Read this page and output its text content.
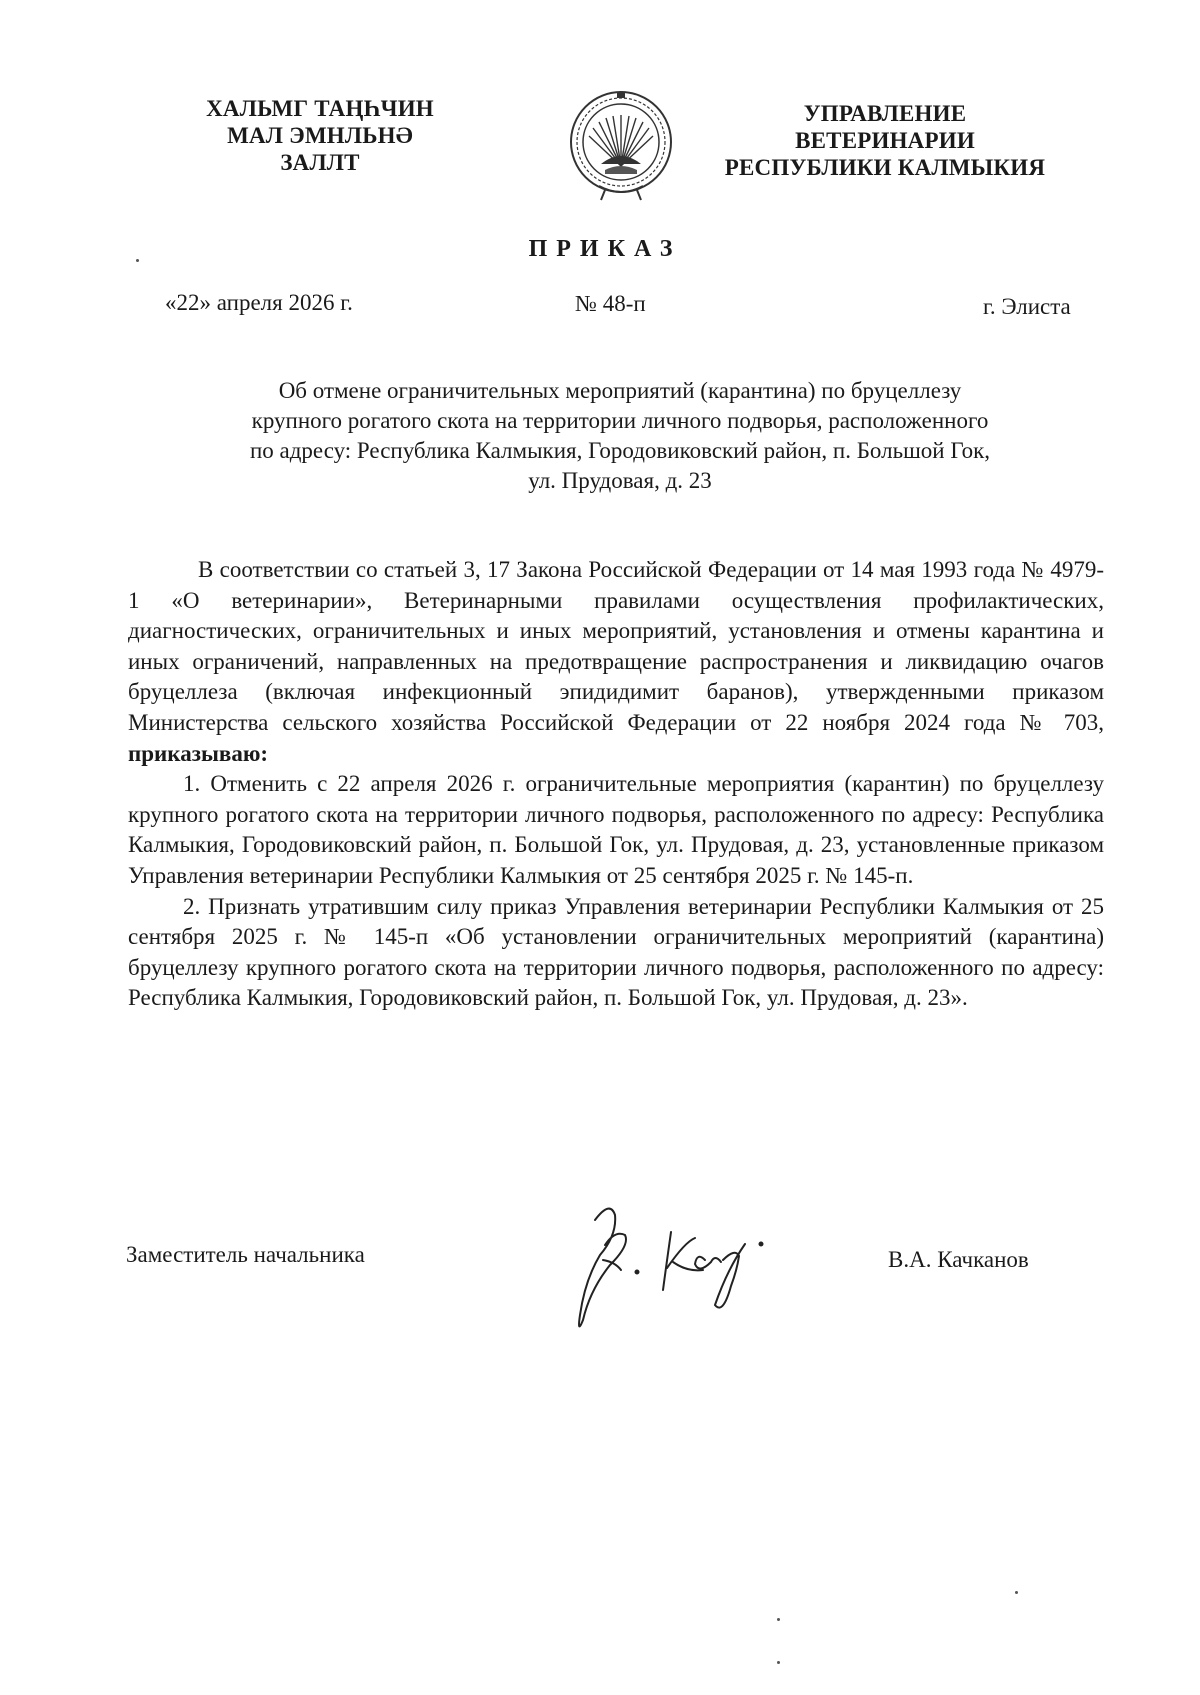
ХАЛЬМГ ТАҢҺЧИН
МАЛ ЭМНЛЬНӘ
ЗАЛЛТ
УПРАВЛЕНИЕ
ВЕТЕРИНАРИИ
РЕСПУБЛИКИ КАЛМЫКИЯ
ПРИКАЗ
«22» апреля 2026 г.	№ 48-п	г. Элиста
Об отмене ограничительных мероприятий (карантина) по бруцеллезу
крупного рогатого скота на территории личного подворья, расположенного
по адресу: Республика Калмыкия, Городовиковский район, п. Большой Гок,
ул. Прудовая, д. 23

В соответствии со статьей 3, 17 Закона Российской Федерации от 14 мая 1993 года № 4979-1 «О ветеринарии», Ветеринарными правилами осуществления профилактических, диагностических, ограничительных и иных мероприятий, установления и отмены карантина и иных ограничений, направленных на предотвращение распространения и ликвидацию очагов бруцеллеза (включая инфекционный эпидидимит баранов), утвержденными приказом Министерства сельского хозяйства Российской Федерации от 22 ноября 2024 года № 703, приказываю:

1. Отменить с 22 апреля 2026 г. ограничительные мероприятия (карантин) по бруцеллезу крупного рогатого скота на территории личного подворья, расположенного по адресу: Республика Калмыкия, Городовиковский район, п. Большой Гок, ул. Прудовая, д. 23, установленные приказом Управления ветеринарии Республики Калмыкия от 25 сентября 2025 г. № 145-п.

2. Признать утратившим силу приказ Управления ветеринарии Республики Калмыкия от 25 сентября 2025 г. № 145-п «Об установлении ограничительных мероприятий (карантина) бруцеллезу крупного рогатого скота на территории личного подворья, расположенного по адресу: Республика Калмыкия, Городовиковский район, п. Большой Гок, ул. Прудовая, д. 23».

Заместитель начальника	В.А. Качканов
